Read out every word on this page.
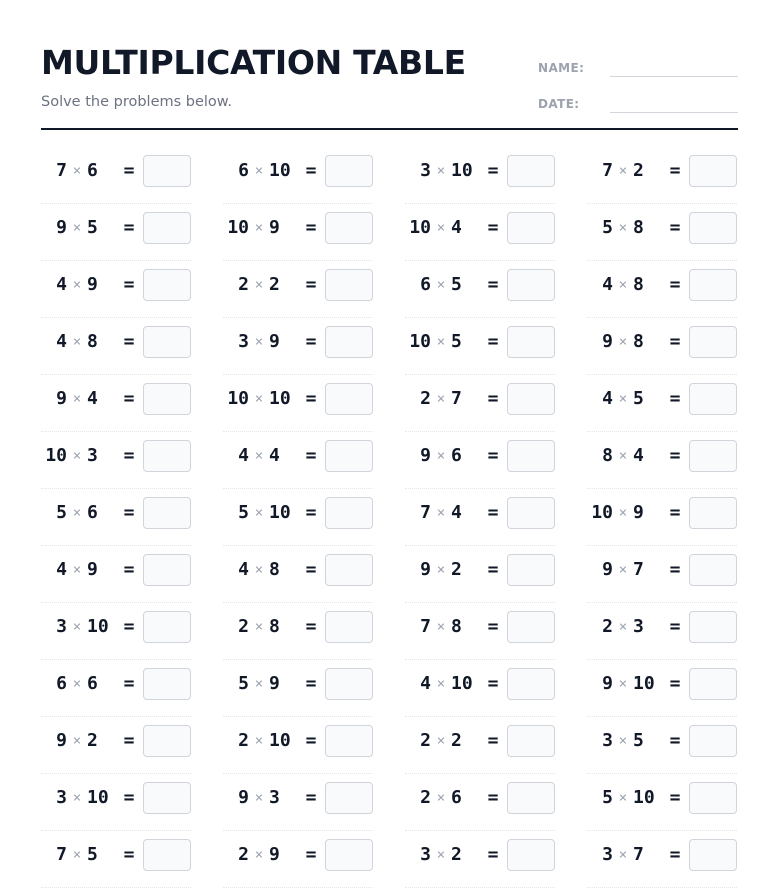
MULTIPLICATION TABLE
Solve the problems below.
NAME:
DATE:
7 × 6	=	6 × 10 =	3 × 10 =	7 × 2	=
9 × 5	=	10 × 9	=	10 × 4	=	5 × 8	=
4 × 9	=	2 × 2	=	6 × 5	=	4 × 8	=
4 × 8	=	3 × 9	=	10 × 5	=	9 × 8	=
9 × 4	=	10 × 10 =	2 × 7	=	4 × 5	=
10 × 3	=	4 × 4	=	9 × 6	=	8 × 4	=
5 × 6	=	5 × 10 =	7 × 4	=	10 × 9	=
4 × 9	=	4 × 8	=	9 × 2	=	9 × 7	=
3 × 10 =	2 × 8	=	7 × 8	=	2 × 3	=
6 × 6	=	5 × 9	=	4 × 10 =	9 × 10 =
9 × 2	=	2 × 10 =	2 × 2	=	3 × 5	=
3 × 10 =	9 × 3	=	2 × 6	=	5 × 10 =
7 × 5	=	2 × 9	=	3 × 2	=	3 × 7	=
